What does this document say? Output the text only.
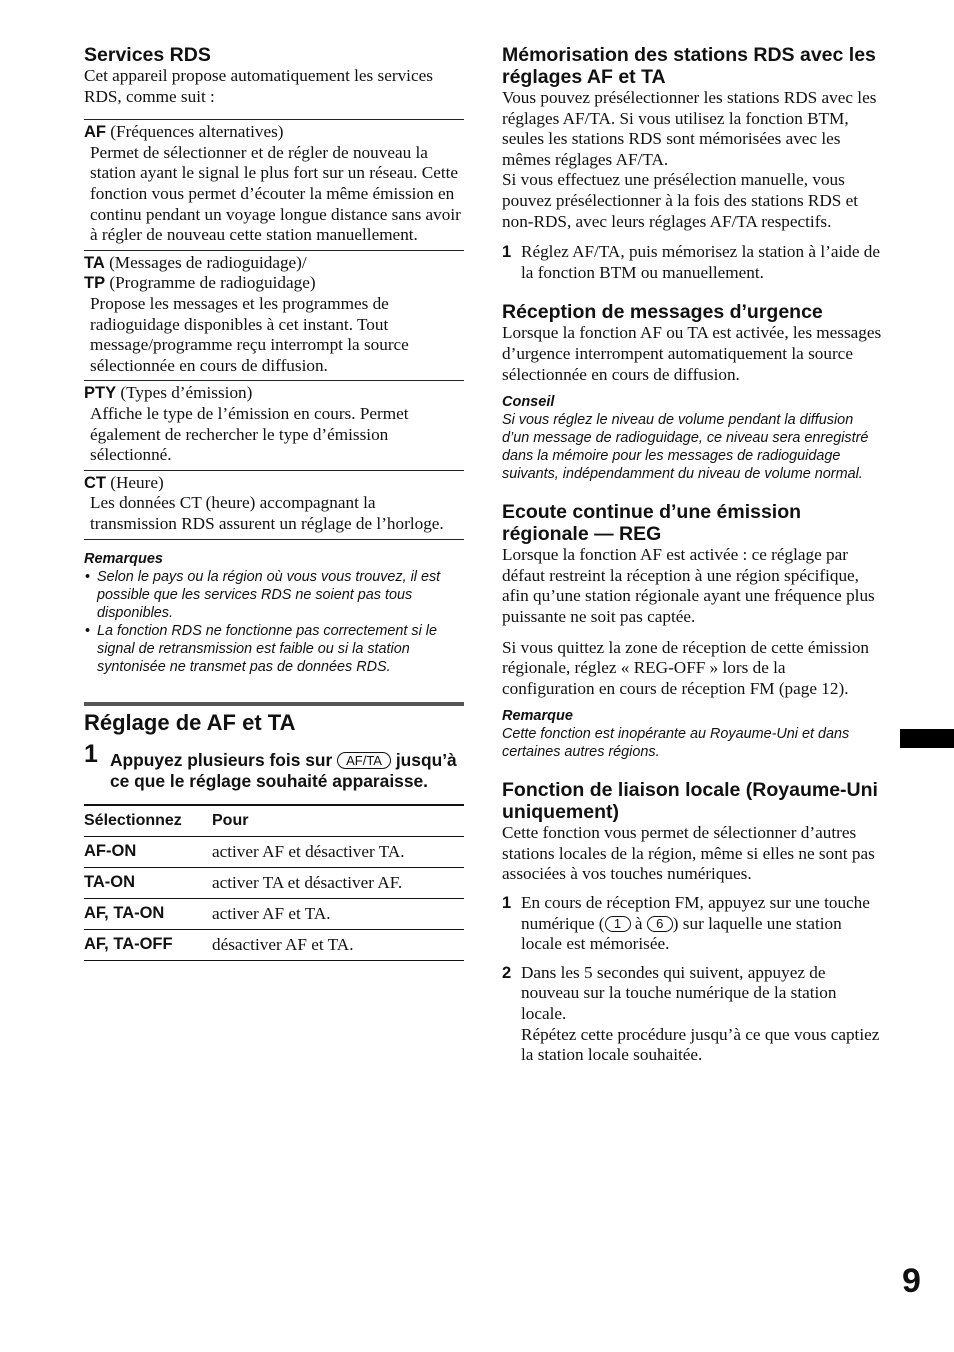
Services RDS

Cet appareil propose automatiquement les services RDS, comme suit :

AF (Fréquences alternatives)

Permet de sélectionner et de régler de nouveau la station ayant le signal le plus fort sur un réseau. Cette fonction vous permet d’écouter la même émission en continu pendant un voyage longue distance sans avoir à régler de nouveau cette station manuellement.

TA (Messages de radioguidage)/

TP (Programme de radioguidage)

Propose les messages et les programmes de radioguidage disponibles à cet instant. Tout message/programme reçu interrompt la source sélectionnée en cours de diffusion.

PTY (Types d’émission)

Affiche le type de l’émission en cours. Permet également de rechercher le type d’émission sélectionné.

CT (Heure)

Les données CT (heure) accompagnant la transmission RDS assurent un réglage de l’horloge.

Remarques

• Selon le pays ou la région où vous vous trouvez, il est possible que les services RDS ne soient pas tous disponibles.
• La fonction RDS ne fonctionne pas correctement si le signal de retransmission est faible ou si la station syntonisée ne transmet pas de données RDS.
Réglage de AF et TA
1 Appuyez plusieurs fois sur AF/TA jusqu’à ce que le réglage souhaité apparaisse.
Sélectionnez	Pour
AF-ON	activer AF et désactiver TA.
TA-ON	activer TA et désactiver AF.
AF, TA-ON	activer AF et TA.
AF, TA-OFF	désactiver AF et TA.
Mémorisation des stations RDS avec les réglages AF et TA

Vous pouvez présélectionner les stations RDS avec les réglages AF/TA. Si vous utilisez la fonction BTM, seules les stations RDS sont mémorisées avec les mêmes réglages AF/TA.

Si vous effectuez une présélection manuelle, vous pouvez présélectionner à la fois des stations RDS et non-RDS, avec leurs réglages AF/TA respectifs.

1 Réglez AF/TA, puis mémorisez la station à l’aide de la fonction BTM ou manuellement.
Réception de messages d’urgence

Lorsque la fonction AF ou TA est activée, les messages d’urgence interrompent automatiquement la source sélectionnée en cours de diffusion.

Conseil

Si vous réglez le niveau de volume pendant la diffusion d’un message de radioguidage, ce niveau sera enregistré dans la mémoire pour les messages de radioguidage suivants, indépendamment du niveau de volume normal.

Ecoute continue d’une émission régionale — REG

Lorsque la fonction AF est activée : ce réglage par défaut restreint la réception à une région spécifique, afin qu’une station régionale ayant une fréquence plus puissante ne soit pas captée.

Si vous quittez la zone de réception de cette émission régionale, réglez « REG-OFF » lors de la configuration en cours de réception FM (page 12).

Remarque

Cette fonction est inopérante au Royaume-Uni et dans certaines autres régions.

Fonction de liaison locale (Royaume-Uni uniquement)

Cette fonction vous permet de sélectionner d’autres stations locales de la région, même si elles ne sont pas associées à vos touches numériques.

1 En cours de réception FM, appuyez sur une touche numérique ( 1 à 6 ) sur laquelle une station locale est mémorisée.
2 Dans les 5 secondes qui suivent, appuyez de nouveau sur la touche numérique de la station locale.
Répétez cette procédure jusqu’à ce que vous captiez la station locale souhaitée.
9
